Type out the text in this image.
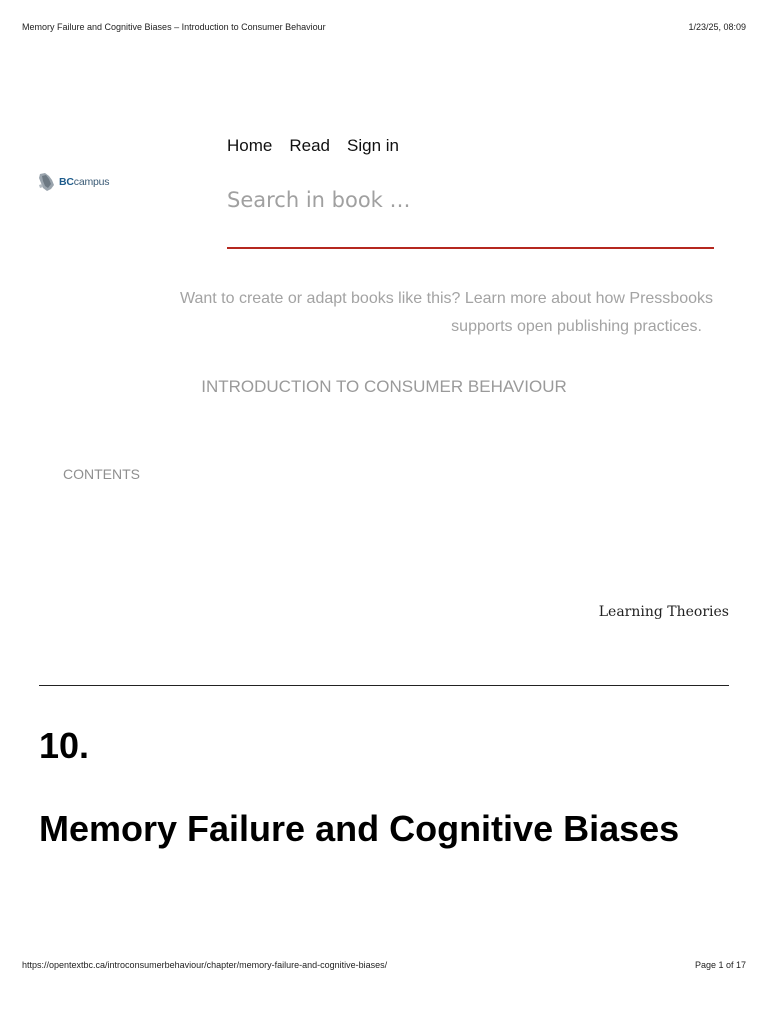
Memory Failure and Cognitive Biases – Introduction to Consumer Behaviour	1/23/25, 08:09
BCcampus
Home Read Sign in
Search in book …
Want to create or adapt books like this? Learn more about how Pressbooks
supports open publishing practices.
INTRODUCTION TO CONSUMER BEHAVIOUR
CONTENTS
Learning Theories
10.
Memory Failure and Cognitive Biases
https://opentextbc.ca/introconsumerbehaviour/chapter/memory-failure-and-cognitive-biases/	Page 1 of 17
